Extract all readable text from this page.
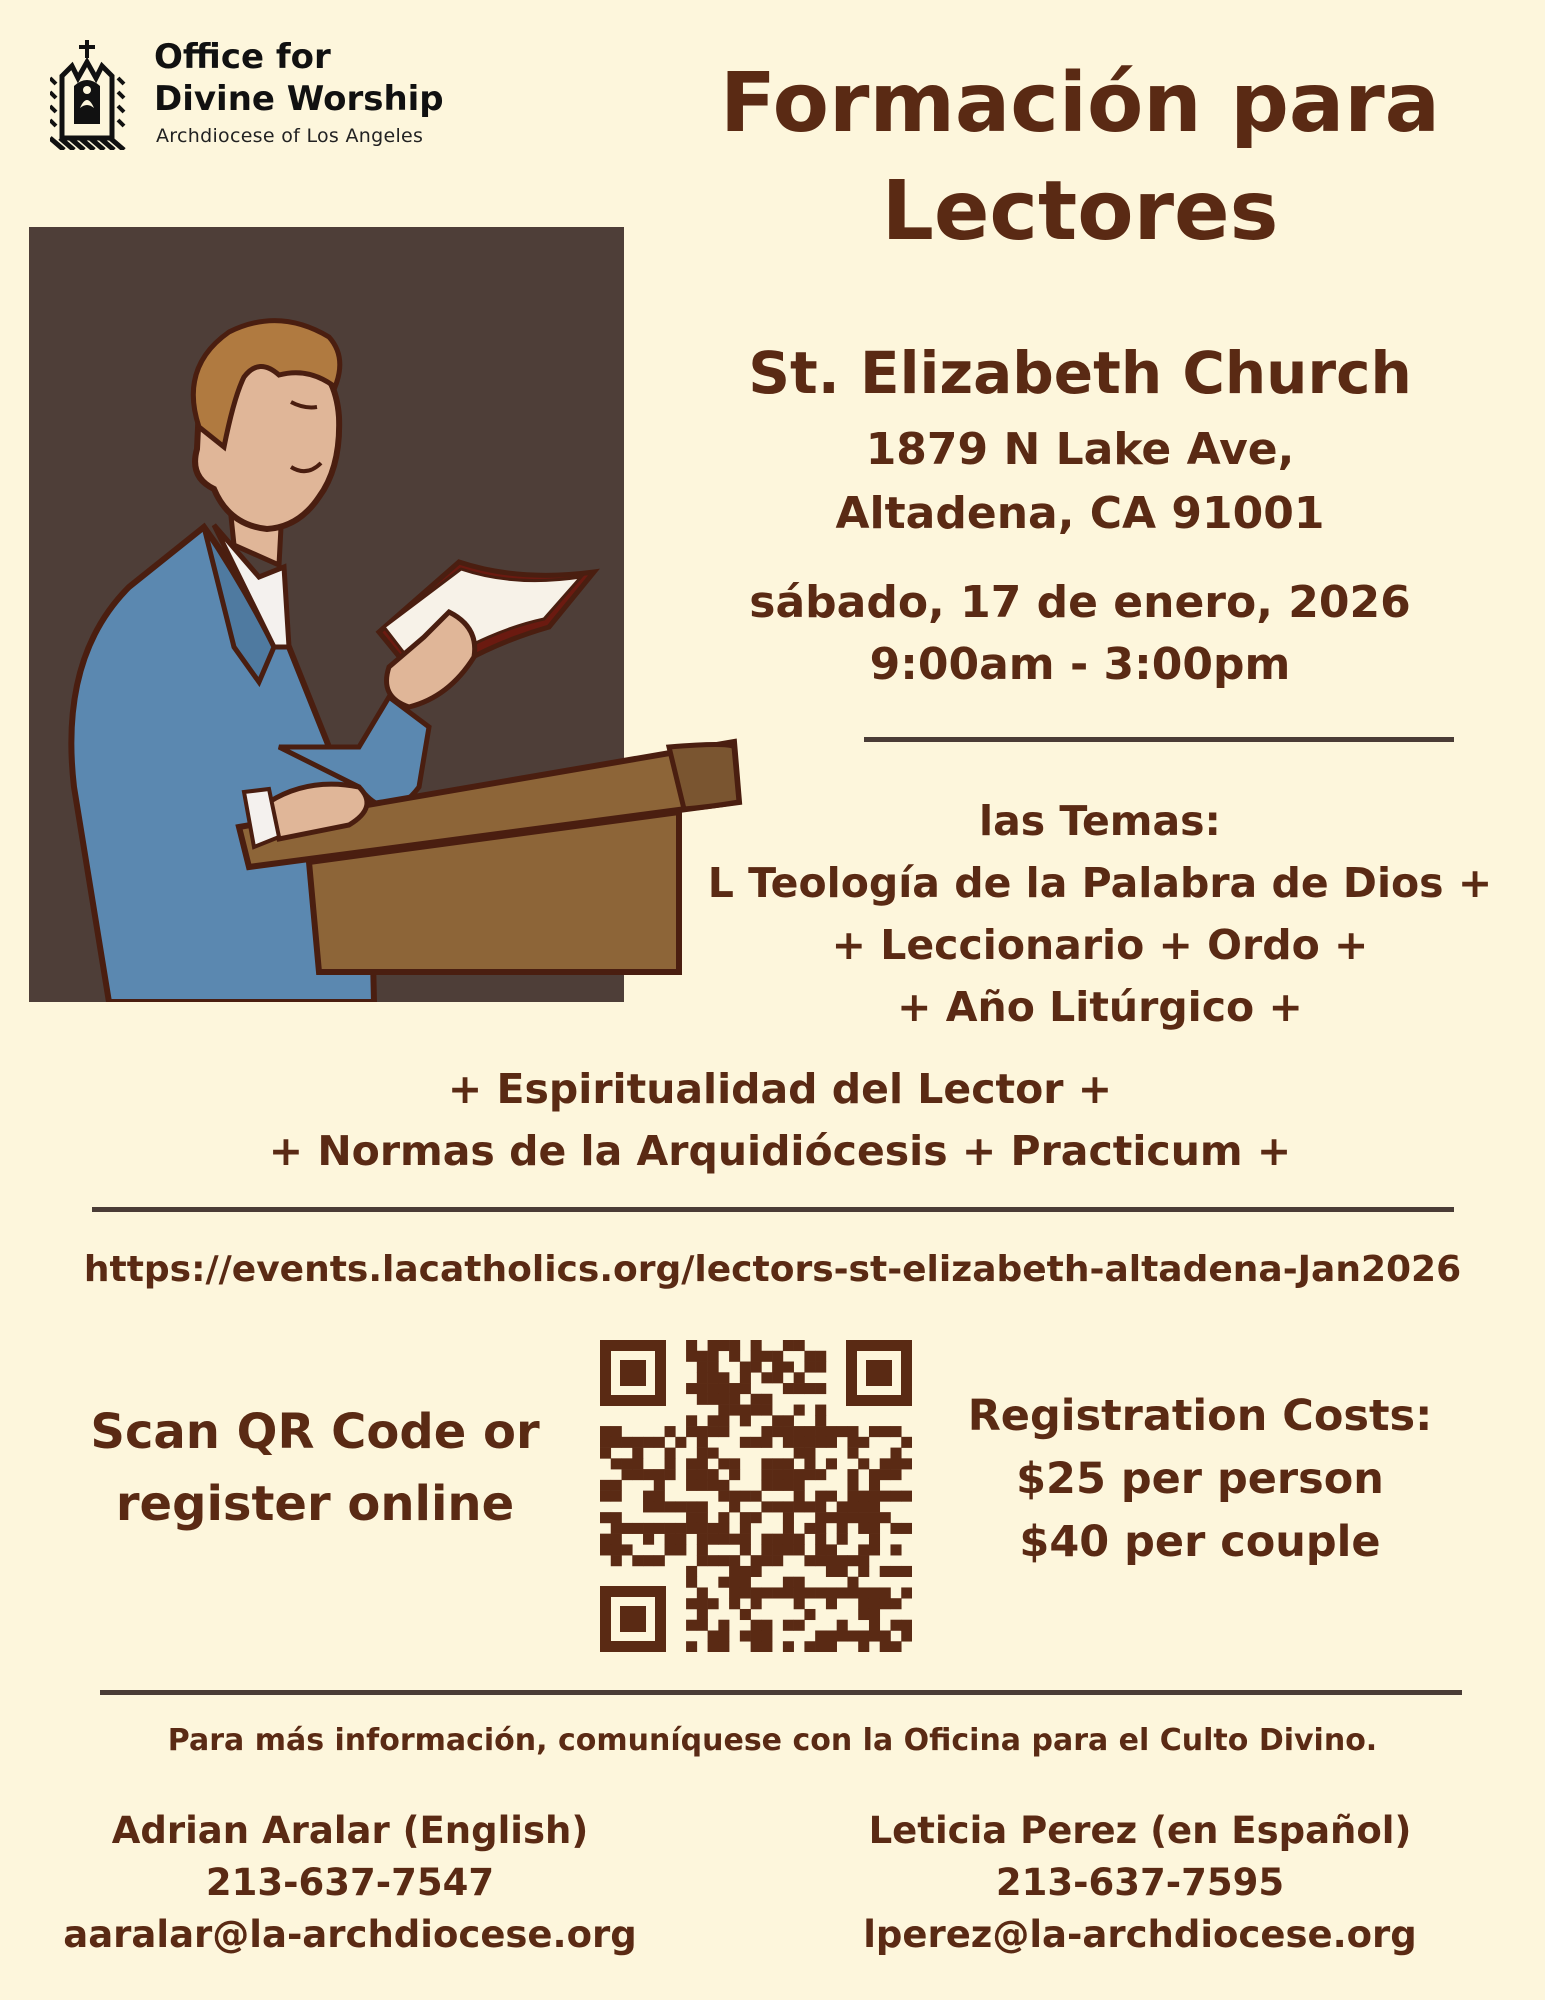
Office for
Divine Worship
Archdiocese of Los Angeles	Formación para
Lectores
St. Elizabeth Church
1879 N Lake Ave,
Altadena, CA 91001
sábado, 17 de enero, 2026
9:00am - 3:00pm
las Temas:
L Teología de la Palabra de Dios +
+ Leccionario + Ordo +
+ Año Litúrgico +
+ Espiritualidad del Lector +
+ Normas de la Arquidiócesis + Practicum +
https://events.lacatholics.org/lectors-st-elizabeth-altadena-Jan2026
Scan QR Code or
register online
Registration Costs:
$25 per person
$40 per couple
Para más información, comuníquese con la Oficina para el Culto Divino.
Adrian Aralar (English)
213-637-7547
aaralar@la-archdiocese.org
Leticia Perez (en Español)
213-637-7595
lperez@la-archdiocese.org
